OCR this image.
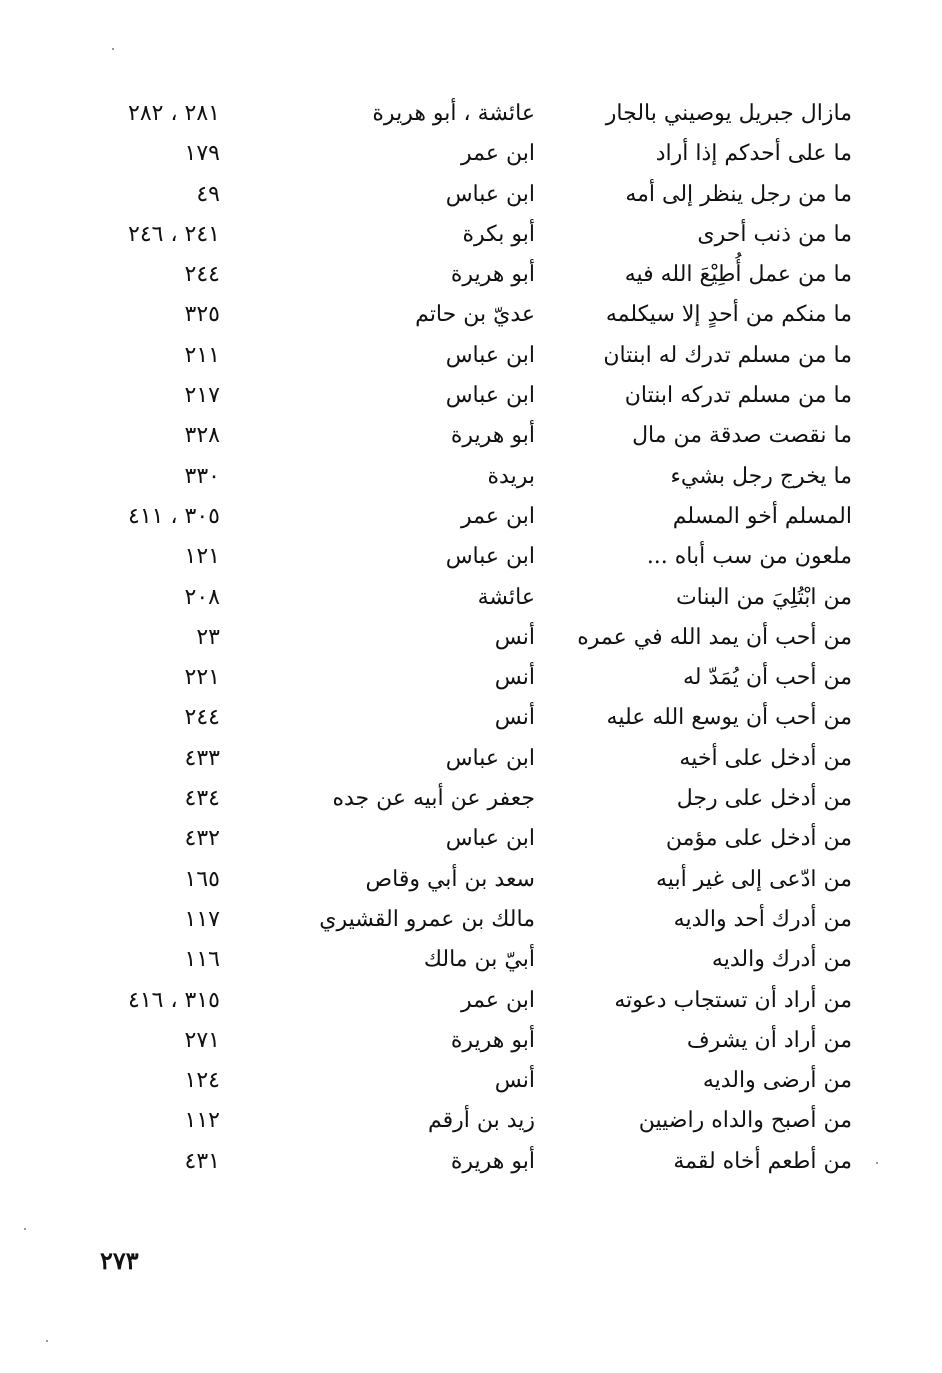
مازال جبريل يوصيني بالجار
عائشة ، أبو هريرة
٢٨١ ، ٢٨٢
ما على أحدكم إذا أراد
ابن عمر
١٧٩
ما من رجل ينظر إلى أمه
ابن عباس
٤٩
ما من ذنب أحرى
أبو بكرة
٢٤١ ، ٢٤٦
ما من عمل أُطِيْعَ الله فيه
أبو هريرة
٢٤٤
ما منكم من أحدٍ إلا سيكلمه
عديّ بن حاتم
٣٢٥
ما من مسلم تدرك له ابنتان
ابن عباس
٢١١
ما من مسلم تدركه ابنتان
ابن عباس
٢١٧
ما نقصت صدقة من مال
أبو هريرة
٣٢٨
ما يخرج رجل بشيء
بريدة
٣٣٠
المسلم أخو المسلم
ابن عمر
٣٠٥ ، ٤١١
ملعون من سب أباه ...
ابن عباس
١٢١
من ابْتُلِيَ من البنات
عائشة
٢٠٨
من أحب أن يمد الله في عمره
أنس
٢٣
من أحب أن يُمَدّ له
أنس
٢٢١
من أحب أن يوسع الله عليه
أنس
٢٤٤
من أدخل على أخيه
ابن عباس
٤٣٣
من أدخل على رجل
جعفر عن أبيه عن جده
٤٣٤
من أدخل على مؤمن
ابن عباس
٤٣٢
من ادّعى إلى غير أبيه
سعد بن أبي وقاص
١٦٥
من أدرك أحد والديه
مالك بن عمرو القشيري
١١٧
من أدرك والديه
أبيّ بن مالك
١١٦
من أراد أن تستجاب دعوته
ابن عمر
٣١٥ ، ٤١٦
من أراد أن يشرف
أبو هريرة
٢٧١
من أرضى والديه
أنس
١٢٤
من أصبح والداه راضيين
زيد بن أرقم
١١٢
من أطعم أخاه لقمة
أبو هريرة
٤٣١
٢٧٣
